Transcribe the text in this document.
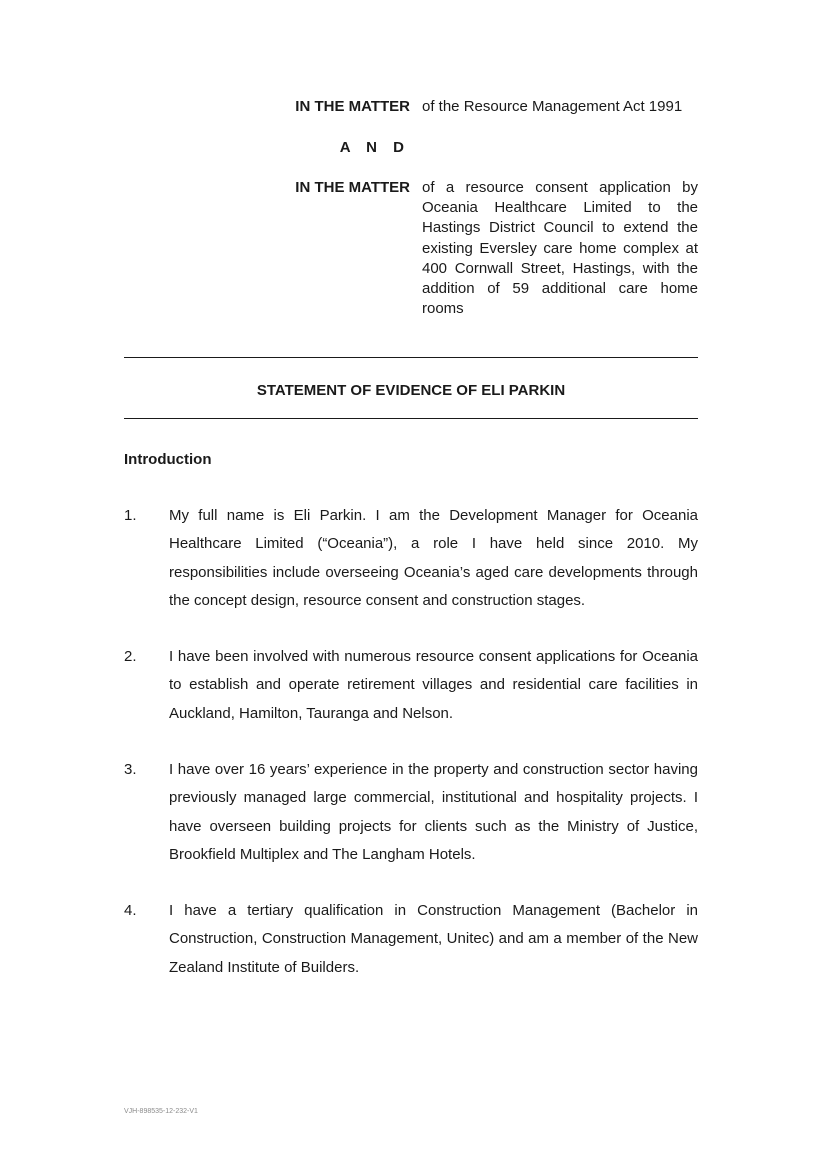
IN THE MATTER of the Resource Management Act 1991
A N D
IN THE MATTER of a resource consent application by Oceania Healthcare Limited to the Hastings District Council to extend the existing Eversley care home complex at 400 Cornwall Street, Hastings, with the addition of 59 additional care home rooms
STATEMENT OF EVIDENCE OF ELI PARKIN
Introduction
1. My full name is Eli Parkin. I am the Development Manager for Oceania Healthcare Limited (“Oceania”), a role I have held since 2010. My responsibilities include overseeing Oceania’s aged care developments through the concept design, resource consent and construction stages.
2. I have been involved with numerous resource consent applications for Oceania to establish and operate retirement villages and residential care facilities in Auckland, Hamilton, Tauranga and Nelson.
3. I have over 16 years’ experience in the property and construction sector having previously managed large commercial, institutional and hospitality projects. I have overseen building projects for clients such as the Ministry of Justice, Brookfield Multiplex and The Langham Hotels.
4. I have a tertiary qualification in Construction Management (Bachelor in Construction, Construction Management, Unitec) and am a member of the New Zealand Institute of Builders.
VJH-898535-12-232-V1
